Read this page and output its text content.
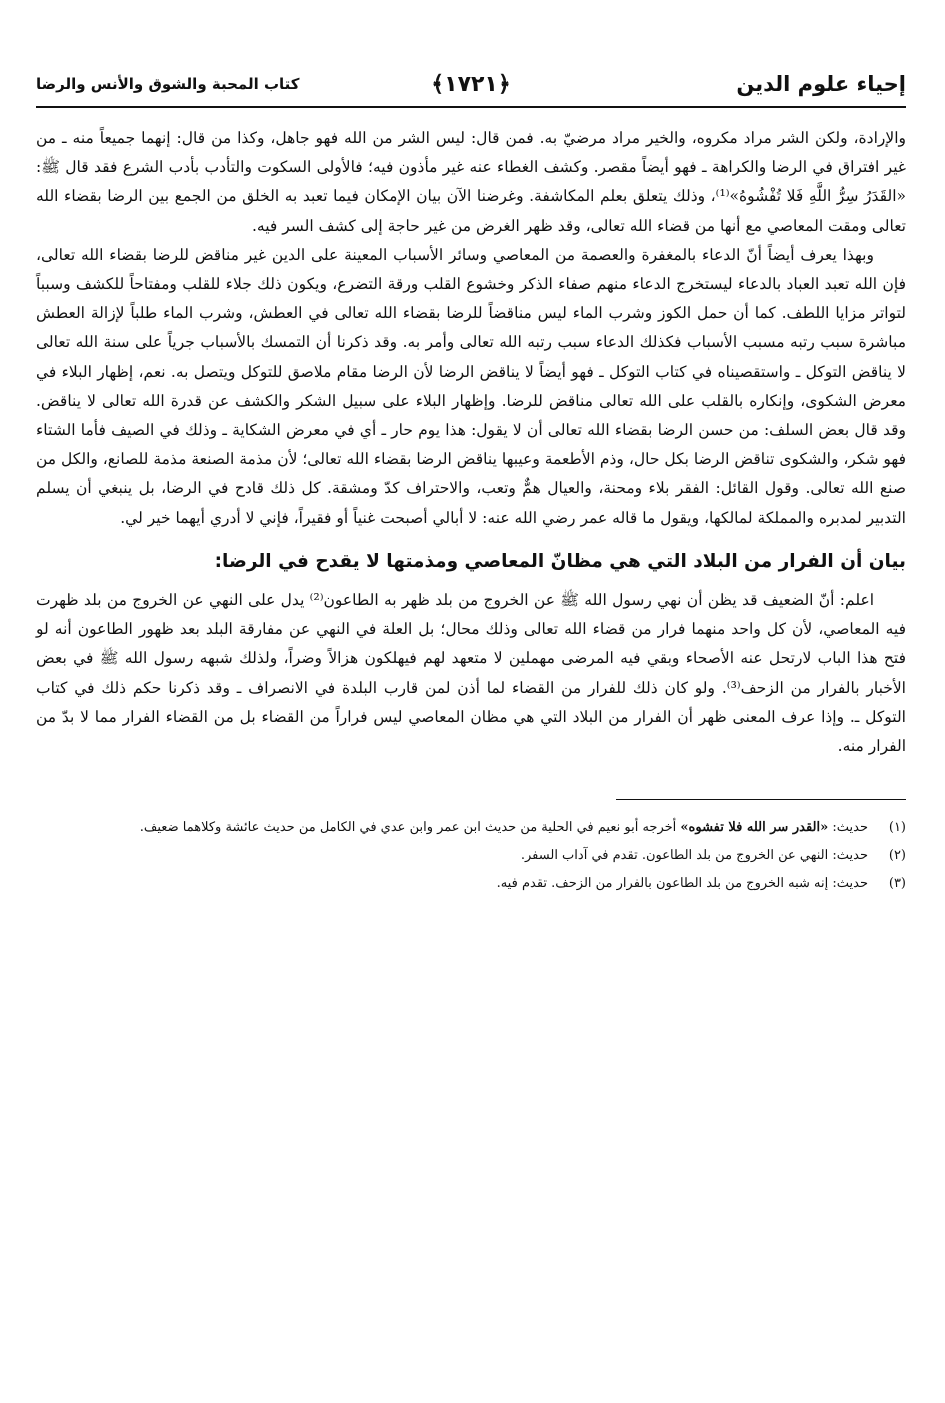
إحياء علوم الدين
﴿١٧٢١﴾
كتاب المحبة والشوق والأنس والرضا

والإرادة، ولكن الشر مراد مكروه، والخير مراد مرضيّ به. فمن قال: ليس الشر من الله فهو جاهل، وكذا من قال: إنهما جميعاً منه ـ من غير افتراق في الرضا والكراهة ـ فهو أيضاً مقصر. وكشف الغطاء عنه غير مأذون فيه؛ فالأولى السكوت والتأدب بأدب الشرع فقد قال ﷺ: «القَدَرُ سِرُّ اللَّهِ فَلا تُفْشُوهُ»⁽¹⁾، وذلك يتعلق بعلم المكاشفة. وغرضنا الآن بيان الإمكان فيما تعبد به الخلق من الجمع بين الرضا بقضاء الله تعالى ومقت المعاصي مع أنها من قضاء الله تعالى، وقد ظهر الغرض من غير حاجة إلى كشف السر فيه.

وبهذا يعرف أيضاً أنّ الدعاء بالمغفرة والعصمة من المعاصي وسائر الأسباب المعينة على الدين غير مناقض للرضا بقضاء الله تعالى، فإن الله تعبد العباد بالدعاء ليستخرج الدعاء منهم صفاء الذكر وخشوع القلب ورقة التضرع، ويكون ذلك جلاء للقلب ومفتاحاً للكشف وسبباً لتواتر مزايا اللطف. كما أن حمل الكوز وشرب الماء ليس مناقضاً للرضا بقضاء الله تعالى في العطش، وشرب الماء طلباً لإزالة العطش مباشرة سبب رتبه مسبب الأسباب فكذلك الدعاء سبب رتبه الله تعالى وأمر به. وقد ذكرنا أن التمسك بالأسباب جرياً على سنة الله تعالى لا يناقض التوكل ـ واستقصيناه في كتاب التوكل ـ فهو أيضاً لا يناقض الرضا لأن الرضا مقام ملاصق للتوكل ويتصل به. نعم، إظهار البلاء في معرض الشكوى، وإنكاره بالقلب على الله تعالى مناقض للرضا. وإظهار البلاء على سبيل الشكر والكشف عن قدرة الله تعالى لا يناقض. وقد قال بعض السلف: من حسن الرضا بقضاء الله تعالى أن لا يقول: هذا يوم حار ـ أي في معرض الشكاية ـ وذلك في الصيف فأما الشتاء فهو شكر، والشكوى تناقض الرضا بكل حال، وذم الأطعمة وعيبها يناقض الرضا بقضاء الله تعالى؛ لأن مذمة الصنعة مذمة للصانع، والكل من صنع الله تعالى. وقول القائل: الفقر بلاء ومحنة، والعيال همٌّ وتعب، والاحتراف كدّ ومشقة. كل ذلك قادح في الرضا، بل ينبغي أن يسلم التدبير لمدبره والمملكة لمالكها، ويقول ما قاله عمر رضي الله عنه: لا أبالي أصبحت غنياً أو فقيراً، فإني لا أدري أيهما خير لي.

بيان أن الفرار من البلاد التي هي مظانّ المعاصي ومذمتها لا يقدح في الرضا:

اعلم: أنّ الضعيف قد يظن أن نهي رسول الله ﷺ عن الخروج من بلد ظهر به الطاعون⁽²⁾ يدل على النهي عن الخروج من بلد ظهرت فيه المعاصي، لأن كل واحد منهما فرار من قضاء الله تعالى وذلك محال؛ بل العلة في النهي عن مفارقة البلد بعد ظهور الطاعون أنه لو فتح هذا الباب لارتحل عنه الأصحاء وبقي فيه المرضى مهملين لا متعهد لهم فيهلكون هزالاً وضراً، ولذلك شبهه رسول الله ﷺ في بعض الأخبار بالفرار من الزحف⁽³⁾. ولو كان ذلك للفرار من القضاء لما أذن لمن قارب البلدة في الانصراف ـ وقد ذكرنا حكم ذلك في كتاب التوكل ـ. وإذا عرف المعنى ظهر أن الفرار من البلاد التي هي مظان المعاصي ليس فراراً من القضاء بل من القضاء الفرار مما لا بدّ من الفرار منه.

(١)
حديث: «القدر سر الله فلا تفشوه» أخرجه أبو نعيم في الحلية من حديث ابن عمر وابن عدي في الكامل من حديث عائشة وكلاهما ضعيف.
(٢)
حديث: النهي عن الخروج من بلد الطاعون. تقدم في آداب السفر.
(٣)
حديث: إنه شبه الخروج من بلد الطاعون بالفرار من الزحف. تقدم فيه.
